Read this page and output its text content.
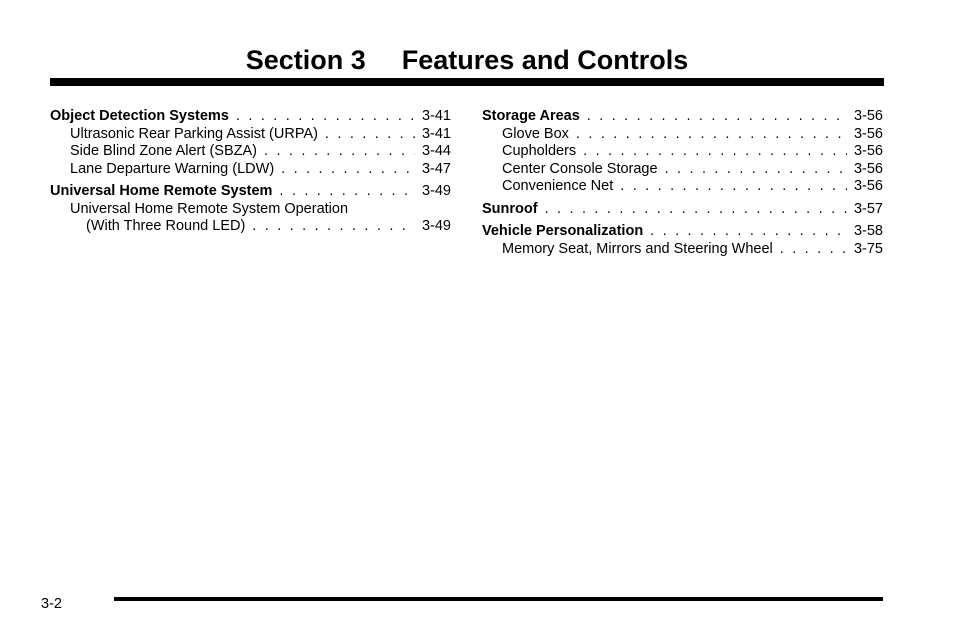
Section 3 Features and Controls
Object Detection Systems . . .	3-41
Ultrasonic Rear Parking Assist (URPA) . . .	3-41
Side Blind Zone Alert (SBZA) . . .	3-44
Lane Departure Warning (LDW) . . .	3-47
Universal Home Remote System . . .	3-49
Universal Home Remote System Operation
(With Three Round LED) . . .	3-49
Storage Areas . . .	3-56
Glove Box . . .	3-56
Cupholders . . .	3-56
Center Console Storage . . .	3-56
Convenience Net . . .	3-56
Sunroof . . .	3-57
Vehicle Personalization . . .	3-58
Memory Seat, Mirrors and Steering Wheel . . .	3-75
3-2
